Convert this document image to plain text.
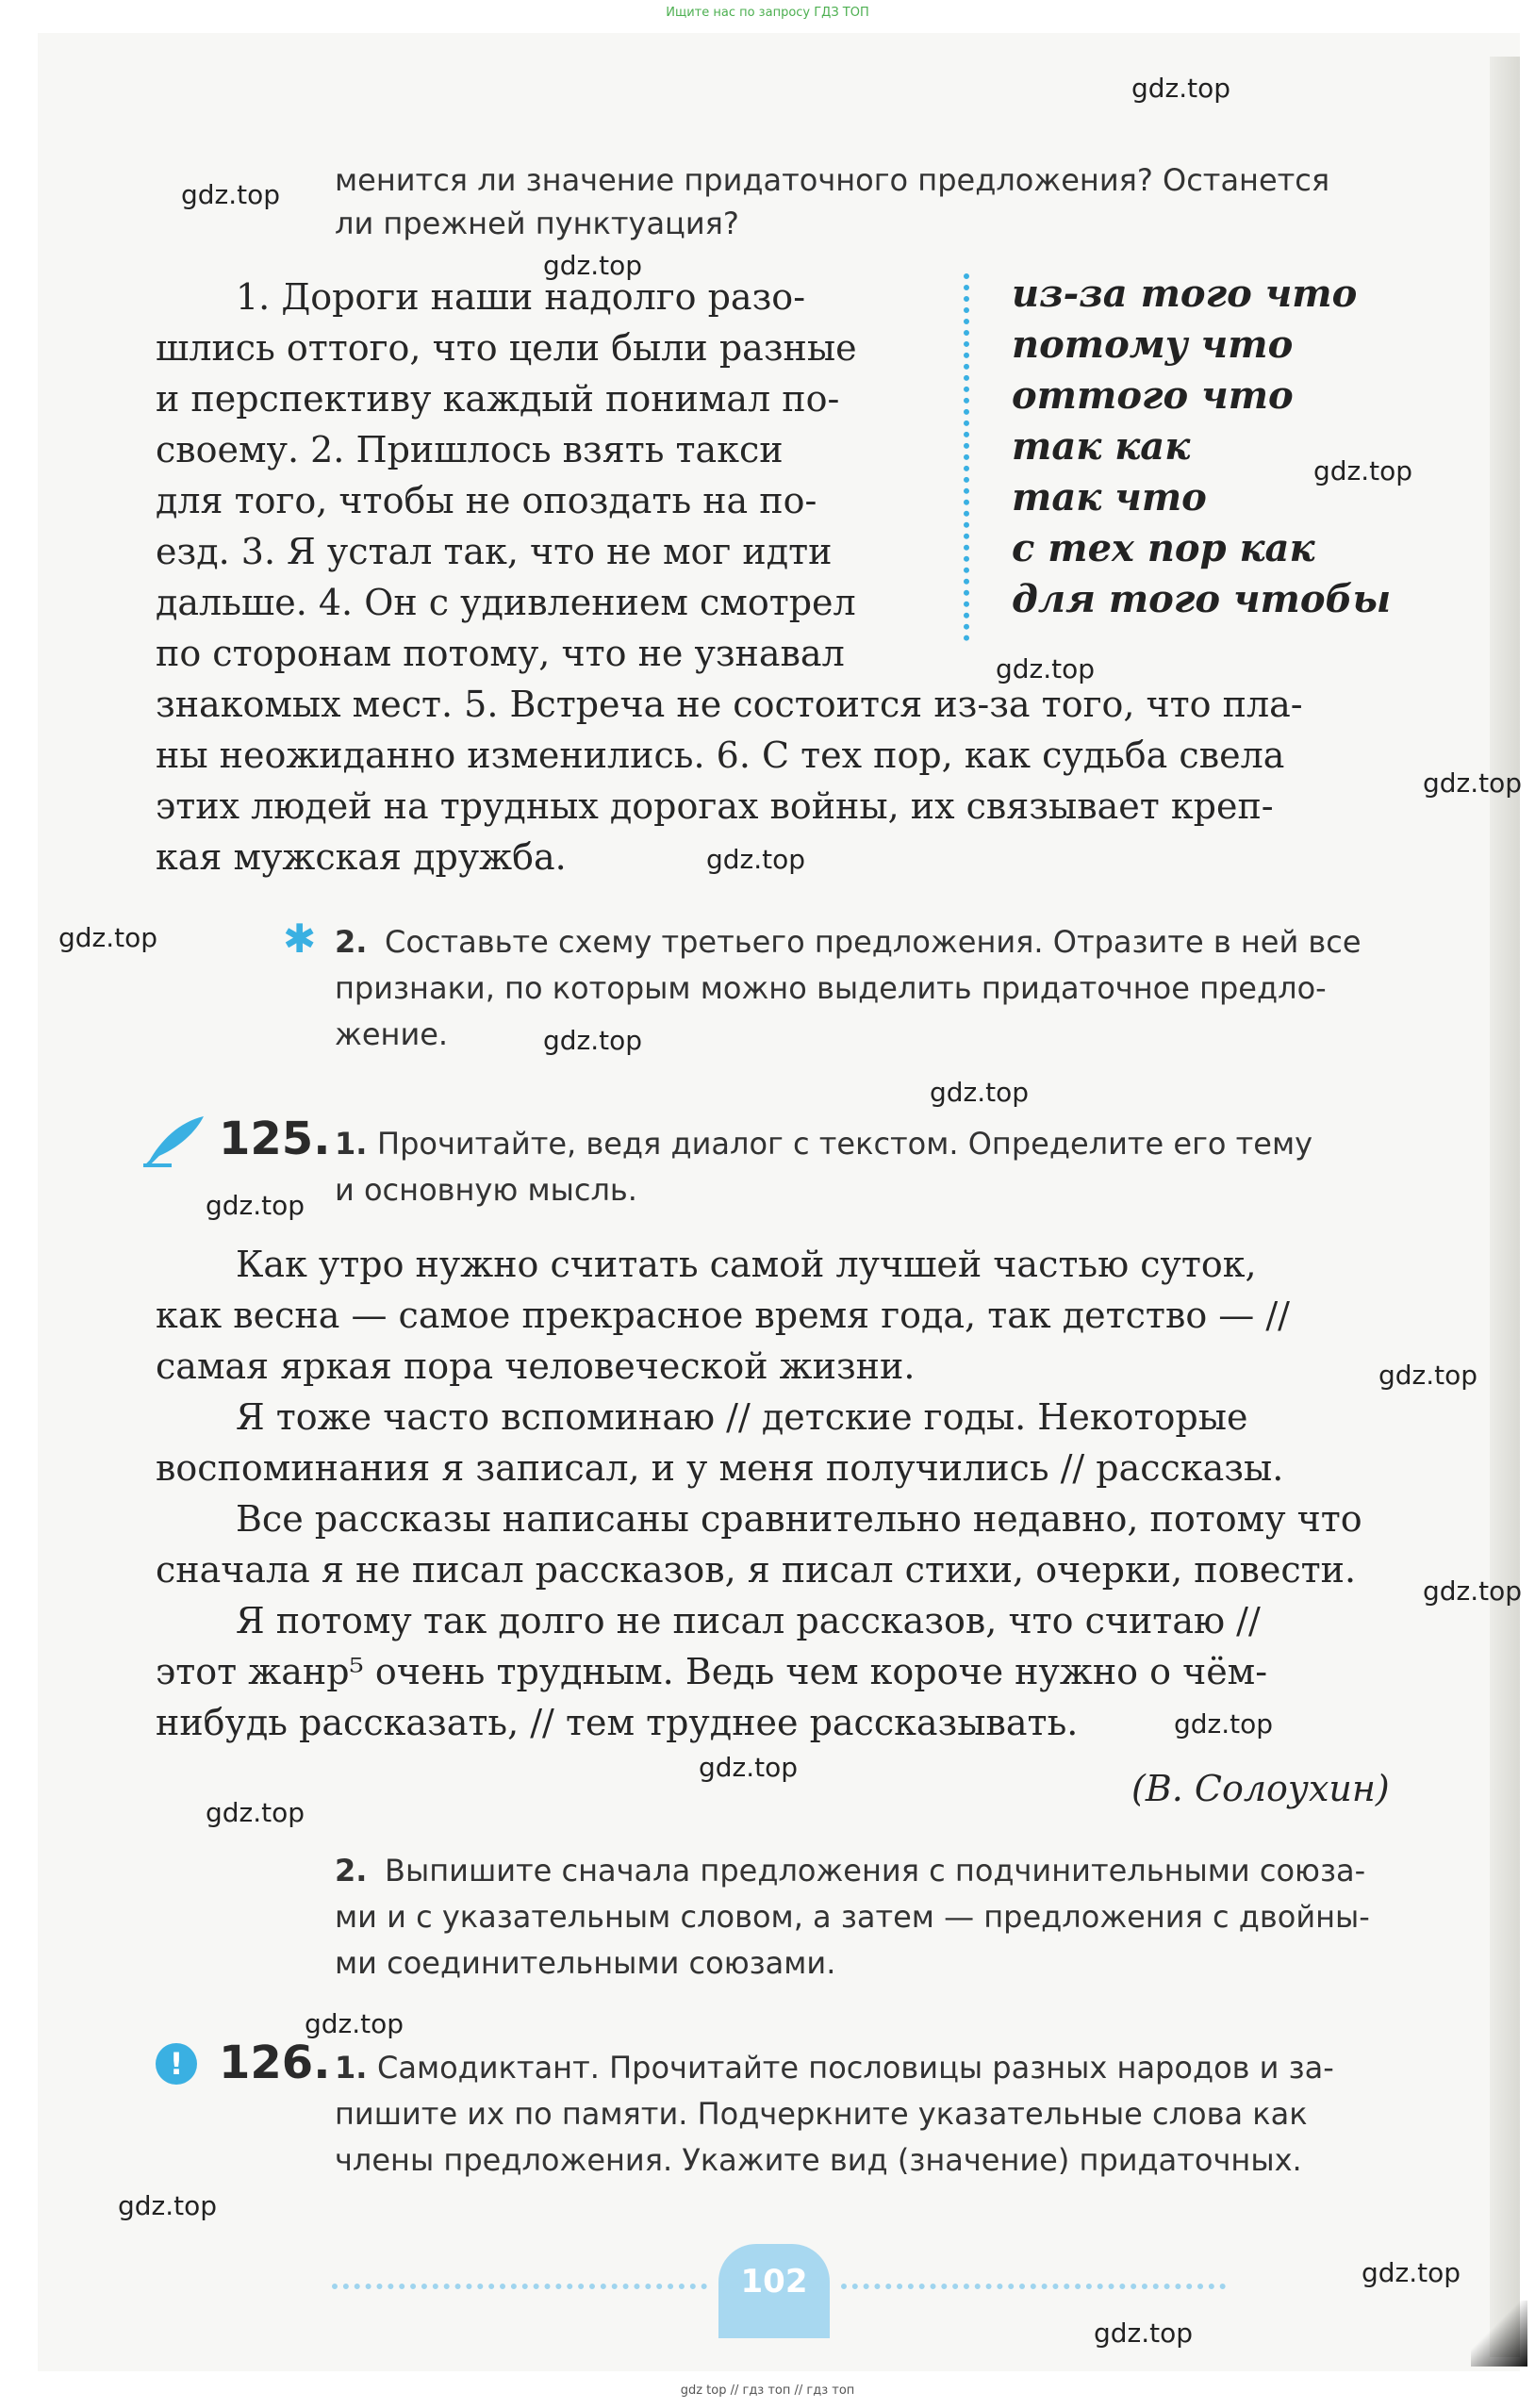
Ищите нас по запросу ГДЗ ТОП
менится ли значение придаточного предложения? Останется
ли прежней пунктуация?
1. Дороги наши надолго разо-
шлись оттого, что цели были разные
и перспективу каждый понимал по-
своему. 2. Пришлось взять такси
для того, чтобы не опоздать на по-
езд. 3. Я устал так, что не мог идти
дальше. 4. Он с удивлением смотрел
по сторонам потому, что не узнавал
знакомых мест. 5. Встреча не состоится из-за того, что пла-
ны неожиданно изменились. 6. С тех пор, как судьба свела
этих людей на трудных дорогах войны, их связывает креп-
кая мужская дружба.
из-за того что
потому что
оттого что
так как
так что
с тех пор как
для того чтобы
✱ 2. Составьте схему третьего предложения. Отразите в ней все
признаки, по которым можно выделить придаточное предло-
жение.
125. 1. Прочитайте, ведя диалог с текстом. Определите его тему
и основную мысль.
Как утро нужно считать самой лучшей частью суток,
как весна — самое прекрасное время года, так детство — //
самая яркая пора человеческой жизни.
Я тоже часто вспоминаю // детские годы. Некоторые
воспоминания я записал, и у меня получились // рассказы.
Все рассказы написаны сравнительно недавно, потому что
сначала я не писал рассказов, я писал стихи, очерки, повести.
Я потому так долго не писал рассказов, что считаю //
этот жанр⁵ очень трудным. Ведь чем короче нужно о чём-
нибудь рассказать, // тем труднее рассказывать.
(В. Солоухин)
2. Выпишите сначала предложения с подчинительными союза-
ми и с указательным словом, а затем — предложения с двойны-
ми соединительными союзами.
! 126. 1. Самодиктант. Прочитайте пословицы разных народов и за-
пишите их по памяти. Подчеркните указательные слова как
члены предложения. Укажите вид (значение) придаточных.
102
gdz.top
gdz.top
gdz.top
gdz.top
gdz.top
gdz.top
gdz.top
gdz.top
gdz.top
gdz.top
gdz.top
gdz.top
gdz.top
gdz.top
gdz.top
gdz.top
gdz.top
gdz.top
gdz.top
gdz.top
gdz top // гдз топ // гдз топ
